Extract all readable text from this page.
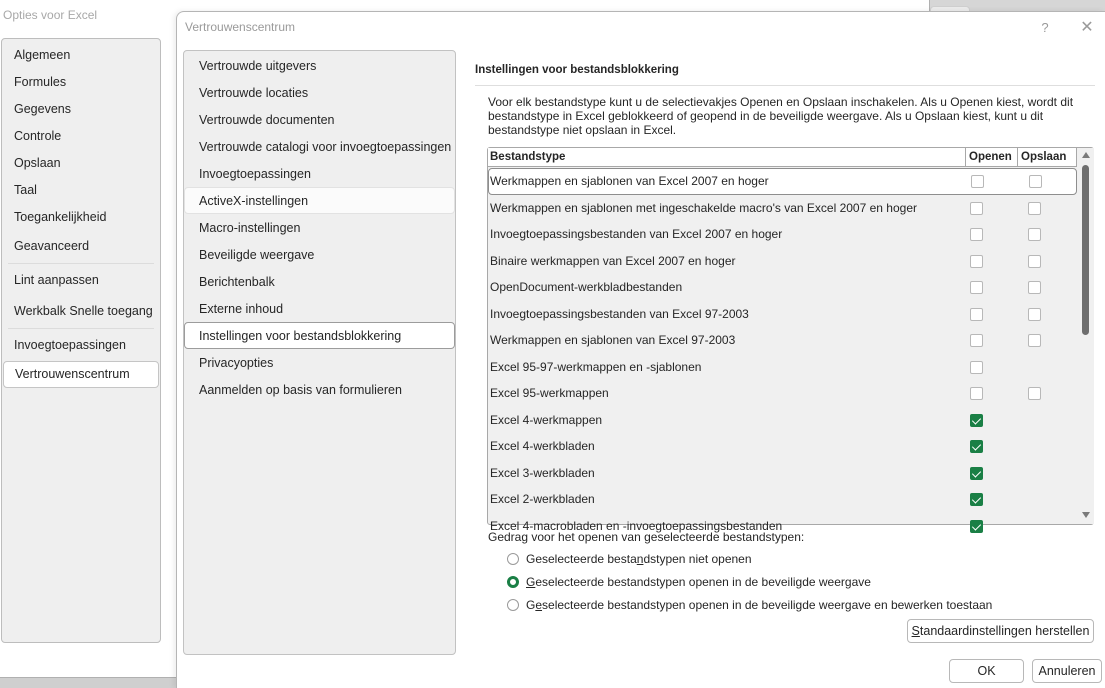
Opties voor Excel
Algemeen
Formules
Gegevens
Controle
Opslaan
Taal
Toegankelijkheid
Geavanceerd
Lint aanpassen
Werkbalk Snelle toegang
Invoegtoepassingen
Vertrouwenscentrum
Vertrouwenscentrum	?	✕
Vertrouwde uitgevers
Vertrouwde locaties
Vertrouwde documenten
Vertrouwde catalogi voor invoegtoepassingen
Invoegtoepassingen
ActiveX-instellingen
Macro-instellingen
Beveiligde weergave
Berichtenbalk
Externe inhoud
Instellingen voor bestandsblokkering
Privacyopties
Aanmelden op basis van formulieren
Instellingen voor bestandsblokkering
Voor elk bestandstype kunt u de selectievakjes Openen en Opslaan inschakelen. Als u Openen kiest, wordt dit bestandstype in Excel geblokkeerd of geopend in de beveiligde weergave. Als u Opslaan kiest, kunt u dit bestandstype niet opslaan in Excel.
Bestandstype	Openen Opslaan
Werkmappen en sjablonen van Excel 2007 en hoger
Werkmappen en sjablonen met ingeschakelde macro's van Excel 2007 en hoger
Invoegtoepassingsbestanden van Excel 2007 en hoger
Binaire werkmappen van Excel 2007 en hoger
OpenDocument-werkbladbestanden
Invoegtoepassingsbestanden van Excel 97-2003
Werkmappen en sjablonen van Excel 97-2003
Excel 95-97-werkmappen en -sjablonen
Excel 95-werkmappen
Excel 4-werkmappen
Excel 4-werkbladen
Excel 3-werkbladen
Excel 2-werkbladen
Excel 4-macrobladen en -invoegtoepassingsbestanden
Gedrag voor het openen van geselecteerde bestandstypen:
Geselecteerde bestandstypen niet openen
Geselecteerde bestandstypen openen in de beveiligde weergave
Geselecteerde bestandstypen openen in de beveiligde weergave en bewerken toestaan
Standaardinstellingen herstellen
OK	Annuleren
